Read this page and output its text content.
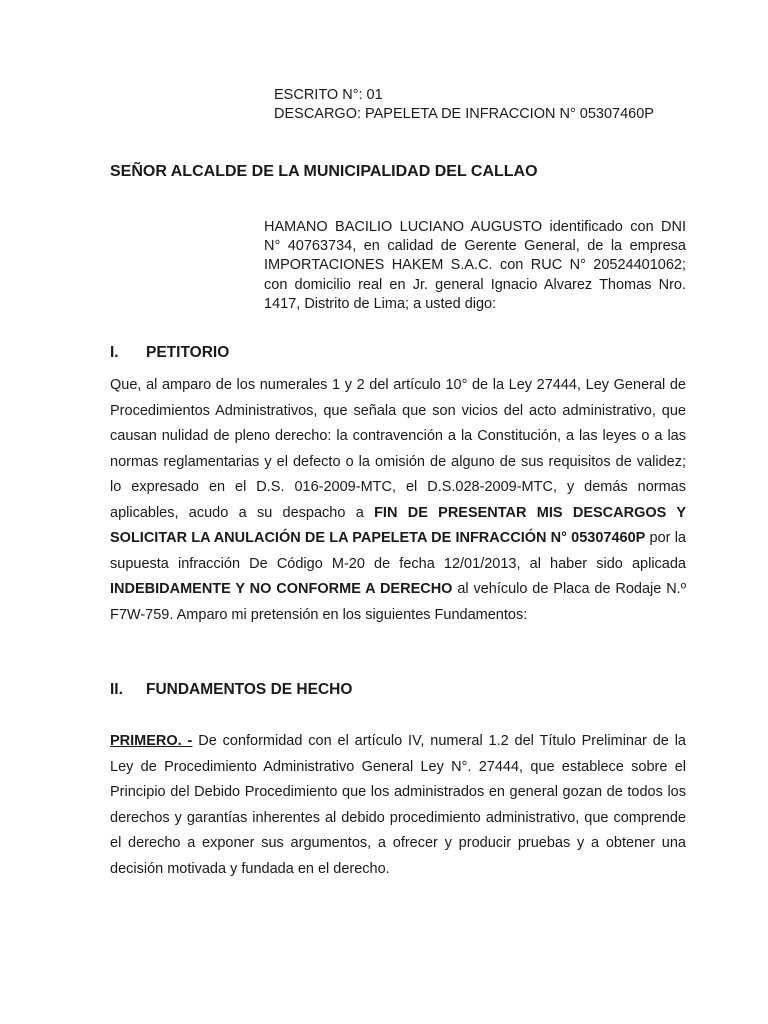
ESCRITO N°: 01
DESCARGO: PAPELETA DE INFRACCION N° 05307460P
SEÑOR ALCALDE DE LA MUNICIPALIDAD DEL CALLAO
HAMANO BACILIO LUCIANO AUGUSTO identificado con DNI N° 40763734, en calidad de Gerente General, de la empresa IMPORTACIONES HAKEM S.A.C. con RUC N° 20524401062; con domicilio real en Jr. general Ignacio Alvarez Thomas Nro. 1417, Distrito de Lima; a usted digo:
I. PETITORIO
Que, al amparo de los numerales 1 y 2 del artículo 10° de la Ley 27444, Ley General de Procedimientos Administrativos, que señala que son vicios del acto administrativo, que causan nulidad de pleno derecho: la contravención a la Constitución, a las leyes o a las normas reglamentarias y el defecto o la omisión de alguno de sus requisitos de validez; lo expresado en el D.S. 016-2009-MTC, el D.S.028-2009-MTC, y demás normas aplicables, acudo a su despacho a FIN DE PRESENTAR MIS DESCARGOS Y SOLICITAR LA ANULACIÓN DE LA PAPELETA DE INFRACCIÓN N° 05307460P por la supuesta infracción De Código M-20 de fecha 12/01/2013, al haber sido aplicada INDEBIDAMENTE Y NO CONFORME A DERECHO al vehículo de Placa de Rodaje N.º F7W-759. Amparo mi pretensión en los siguientes Fundamentos:
II. FUNDAMENTOS DE HECHO
PRIMERO. - De conformidad con el artículo IV, numeral 1.2 del Título Preliminar de la Ley de Procedimiento Administrativo General Ley N°. 27444, que establece sobre el Principio del Debido Procedimiento que los administrados en general gozan de todos los derechos y garantías inherentes al debido procedimiento administrativo, que comprende el derecho a exponer sus argumentos, a ofrecer y producir pruebas y a obtener una decisión motivada y fundada en el derecho.
